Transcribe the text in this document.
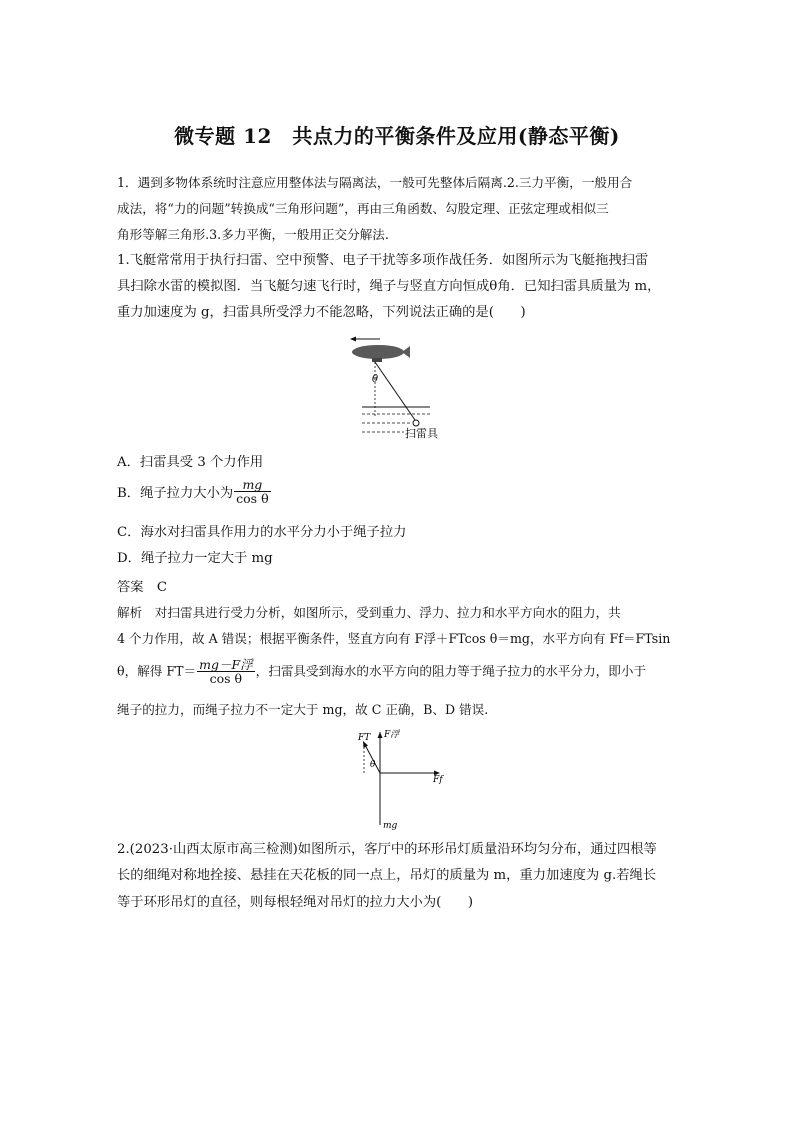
微专题 12　共点力的平衡条件及应用(静态平衡)
1．遇到多物体系统时注意应用整体法与隔离法，一般可先整体后隔离.2.三力平衡，一般用合
成法，将“力的问题”转换成“三角形问题”，再由三角函数、勾股定理、正弦定理或相似三
角形等解三角形.3.多力平衡，一般用正交分解法.
1.飞艇常常用于执行扫雷、空中预警、电子干扰等多项作战任务．如图所示为飞艇拖拽扫雷
具扫除水雷的模拟图．当飞艇匀速飞行时，绳子与竖直方向恒成θ角．已知扫雷具质量为 m，
重力加速度为 g，扫雷具所受浮力不能忽略，下列说法正确的是(　　)
θ
扫雷具
A．扫雷具受 3 个力作用
B．绳子拉力大小为 $\frac{mg}{\text{cos θ}}$
C．海水对扫雷具作用力的水平分力小于绳子拉力
D．绳子拉力一定大于 mg
答案　C
解析　对扫雷具进行受力分析，如图所示，受到重力、浮力、拉力和水平方向水的阻力，共
4 个力作用，故 A 错误；根据平衡条件，竖直方向有 F浮＋FTcos θ＝mg，水平方向有 Ff＝FTsin
θ，解得 $FT= \frac{\text{mg－F浮}}{\text{cos θ}}$ ，扫雷具受到海水的水平方向的阻力等于绳子拉力的水平分力，即小于
绳子的拉力，而绳子拉力不一定大于 mg，故 C 正确，B、D 错误.
FT F浮
θ
Ff
mg
2.(2023·山西太原市高三检测)如图所示，客厅中的环形吊灯质量沿环均匀分布，通过四根等
长的细绳对称地拴接、悬挂在天花板的同一点上，吊灯的质量为 m，重力加速度为 g.若绳长
等于环形吊灯的直径，则每根轻绳对吊灯的拉力大小为(　　)
